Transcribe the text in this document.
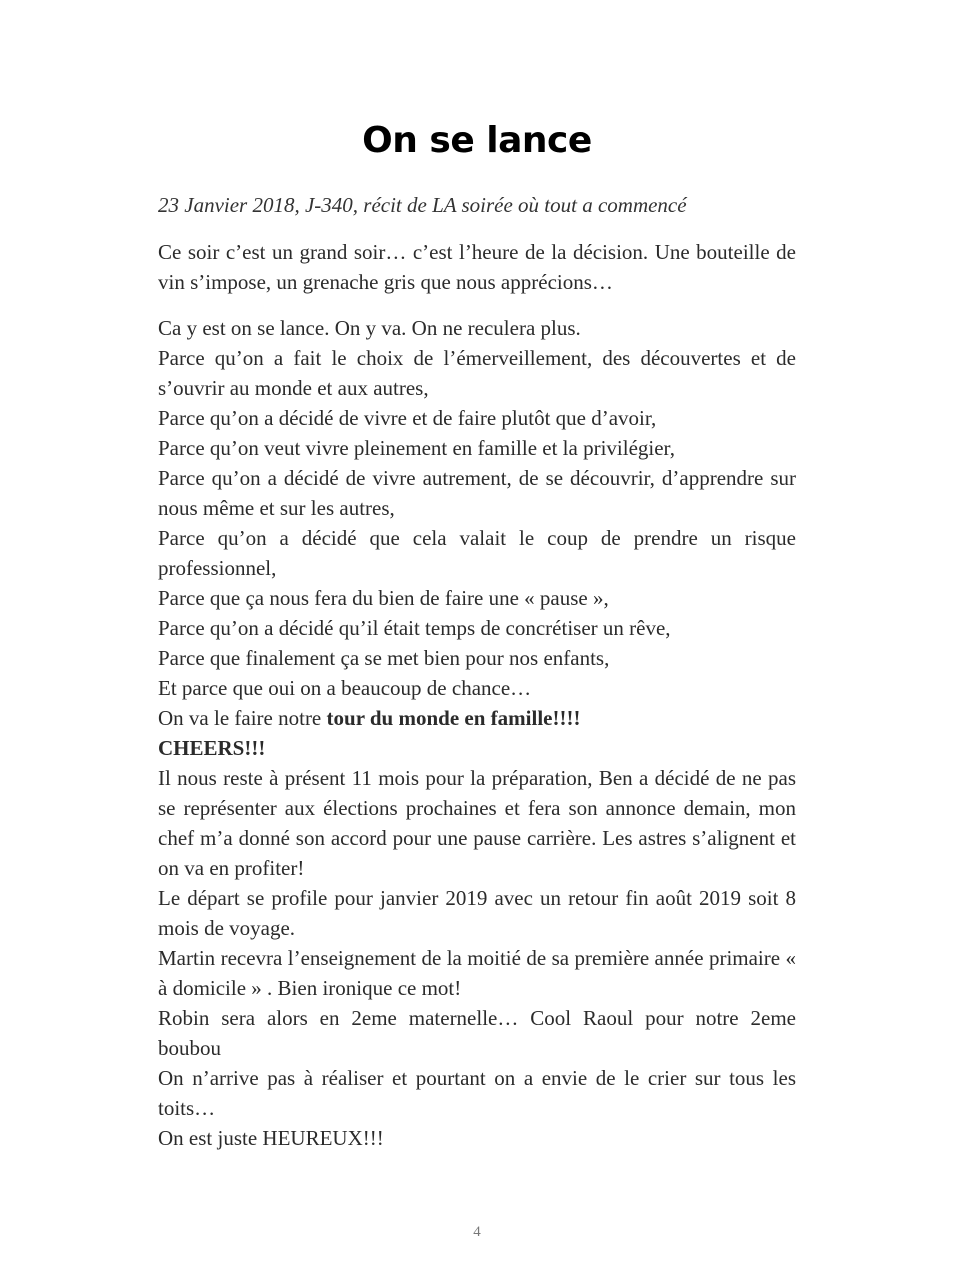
On se lance
23 Janvier 2018, J-340, récit de LA soirée où tout a commencé
Ce soir c’est un grand soir… c’est l’heure de la décision. Une bouteille de vin s’impose, un grenache gris que nous apprécions…
Ca y est on se lance. On y va. On ne reculera plus.
Parce qu’on a fait le choix de l’émerveillement, des découvertes et de s’ouvrir au monde et aux autres,
Parce qu’on a décidé de vivre et de faire plutôt que d’avoir,
Parce qu’on veut vivre pleinement en famille et la privilégier,
Parce qu’on a décidé de vivre autrement, de se découvrir, d’apprendre sur nous même et sur les autres,
Parce qu’on a décidé que cela valait le coup de prendre un risque professionnel,
Parce que ça nous fera du bien de faire une « pause »,
Parce qu’on a décidé qu’il était temps de concrétiser un rêve,
Parce que finalement ça se met bien pour nos enfants,
Et parce que oui on a beaucoup de chance…
On va le faire notre tour du monde en famille!!!!
CHEERS!!!
Il nous reste à présent 11 mois pour la préparation, Ben a décidé de ne pas se représenter aux élections prochaines et fera son annonce demain, mon chef m’a donné son accord pour une pause carrière. Les astres s’alignent et on va en profiter!
Le départ se profile pour janvier 2019 avec un retour fin août 2019 soit 8 mois de voyage.
Martin recevra l’enseignement de la moitié de sa première année primaire « à domicile » . Bien ironique ce mot!
Robin sera alors en 2eme maternelle… Cool Raoul pour notre 2eme boubou
On n’arrive pas à réaliser et pourtant on a envie de le crier sur tous les toits…
On est juste HEUREUX!!!
4
